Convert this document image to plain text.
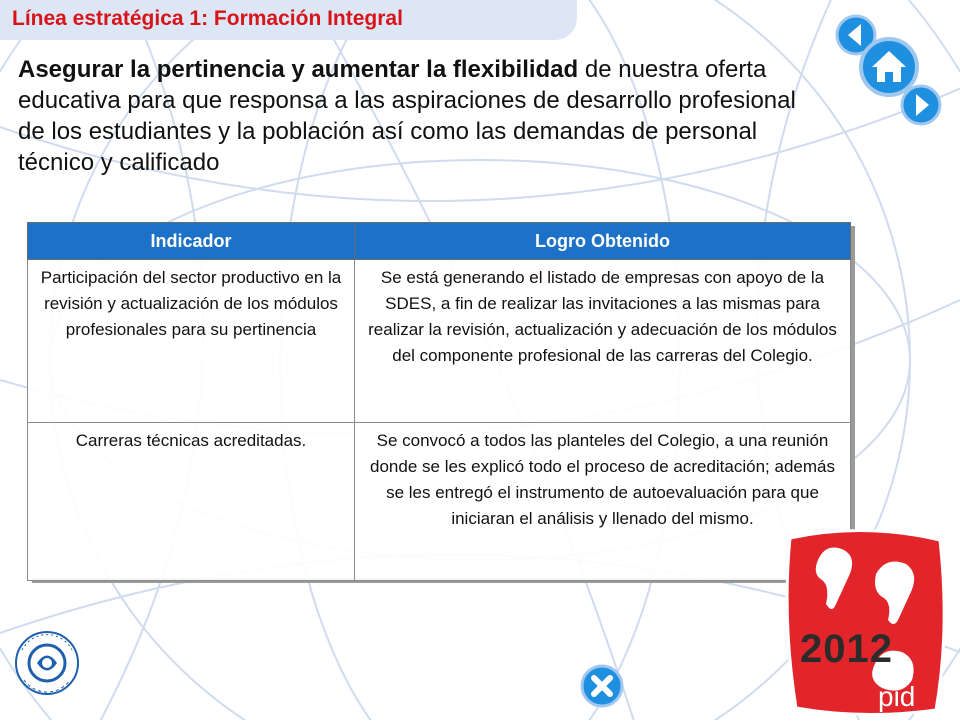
Línea estratégica 1: Formación Integral

Asegurar la pertinencia y aumentar la flexibilidad de nuestra oferta educativa para que responsa a las aspiraciones de desarrollo profesional de los estudiantes y la población así como las demandas de personal técnico y calificado

Indicador	Logro Obtenido
Participación del sector productivo en la revisión y actualización de los módulos profesionales para su pertinencia	Se está generando el listado de empresas con apoyo de la SDES, a fin de realizar las invitaciones a las mismas para realizar la revisión, actualización y adecuación de los módulos del componente profesional de las carreras del Colegio.
Carreras técnicas acreditadas.	Se convocó a todos las planteles del Colegio, a una reunión donde se les explicó todo el proceso de acreditación; además se les entregó el instrumento de autoevaluación para que iniciaran el análisis y llenado del mismo.
2012
pid
